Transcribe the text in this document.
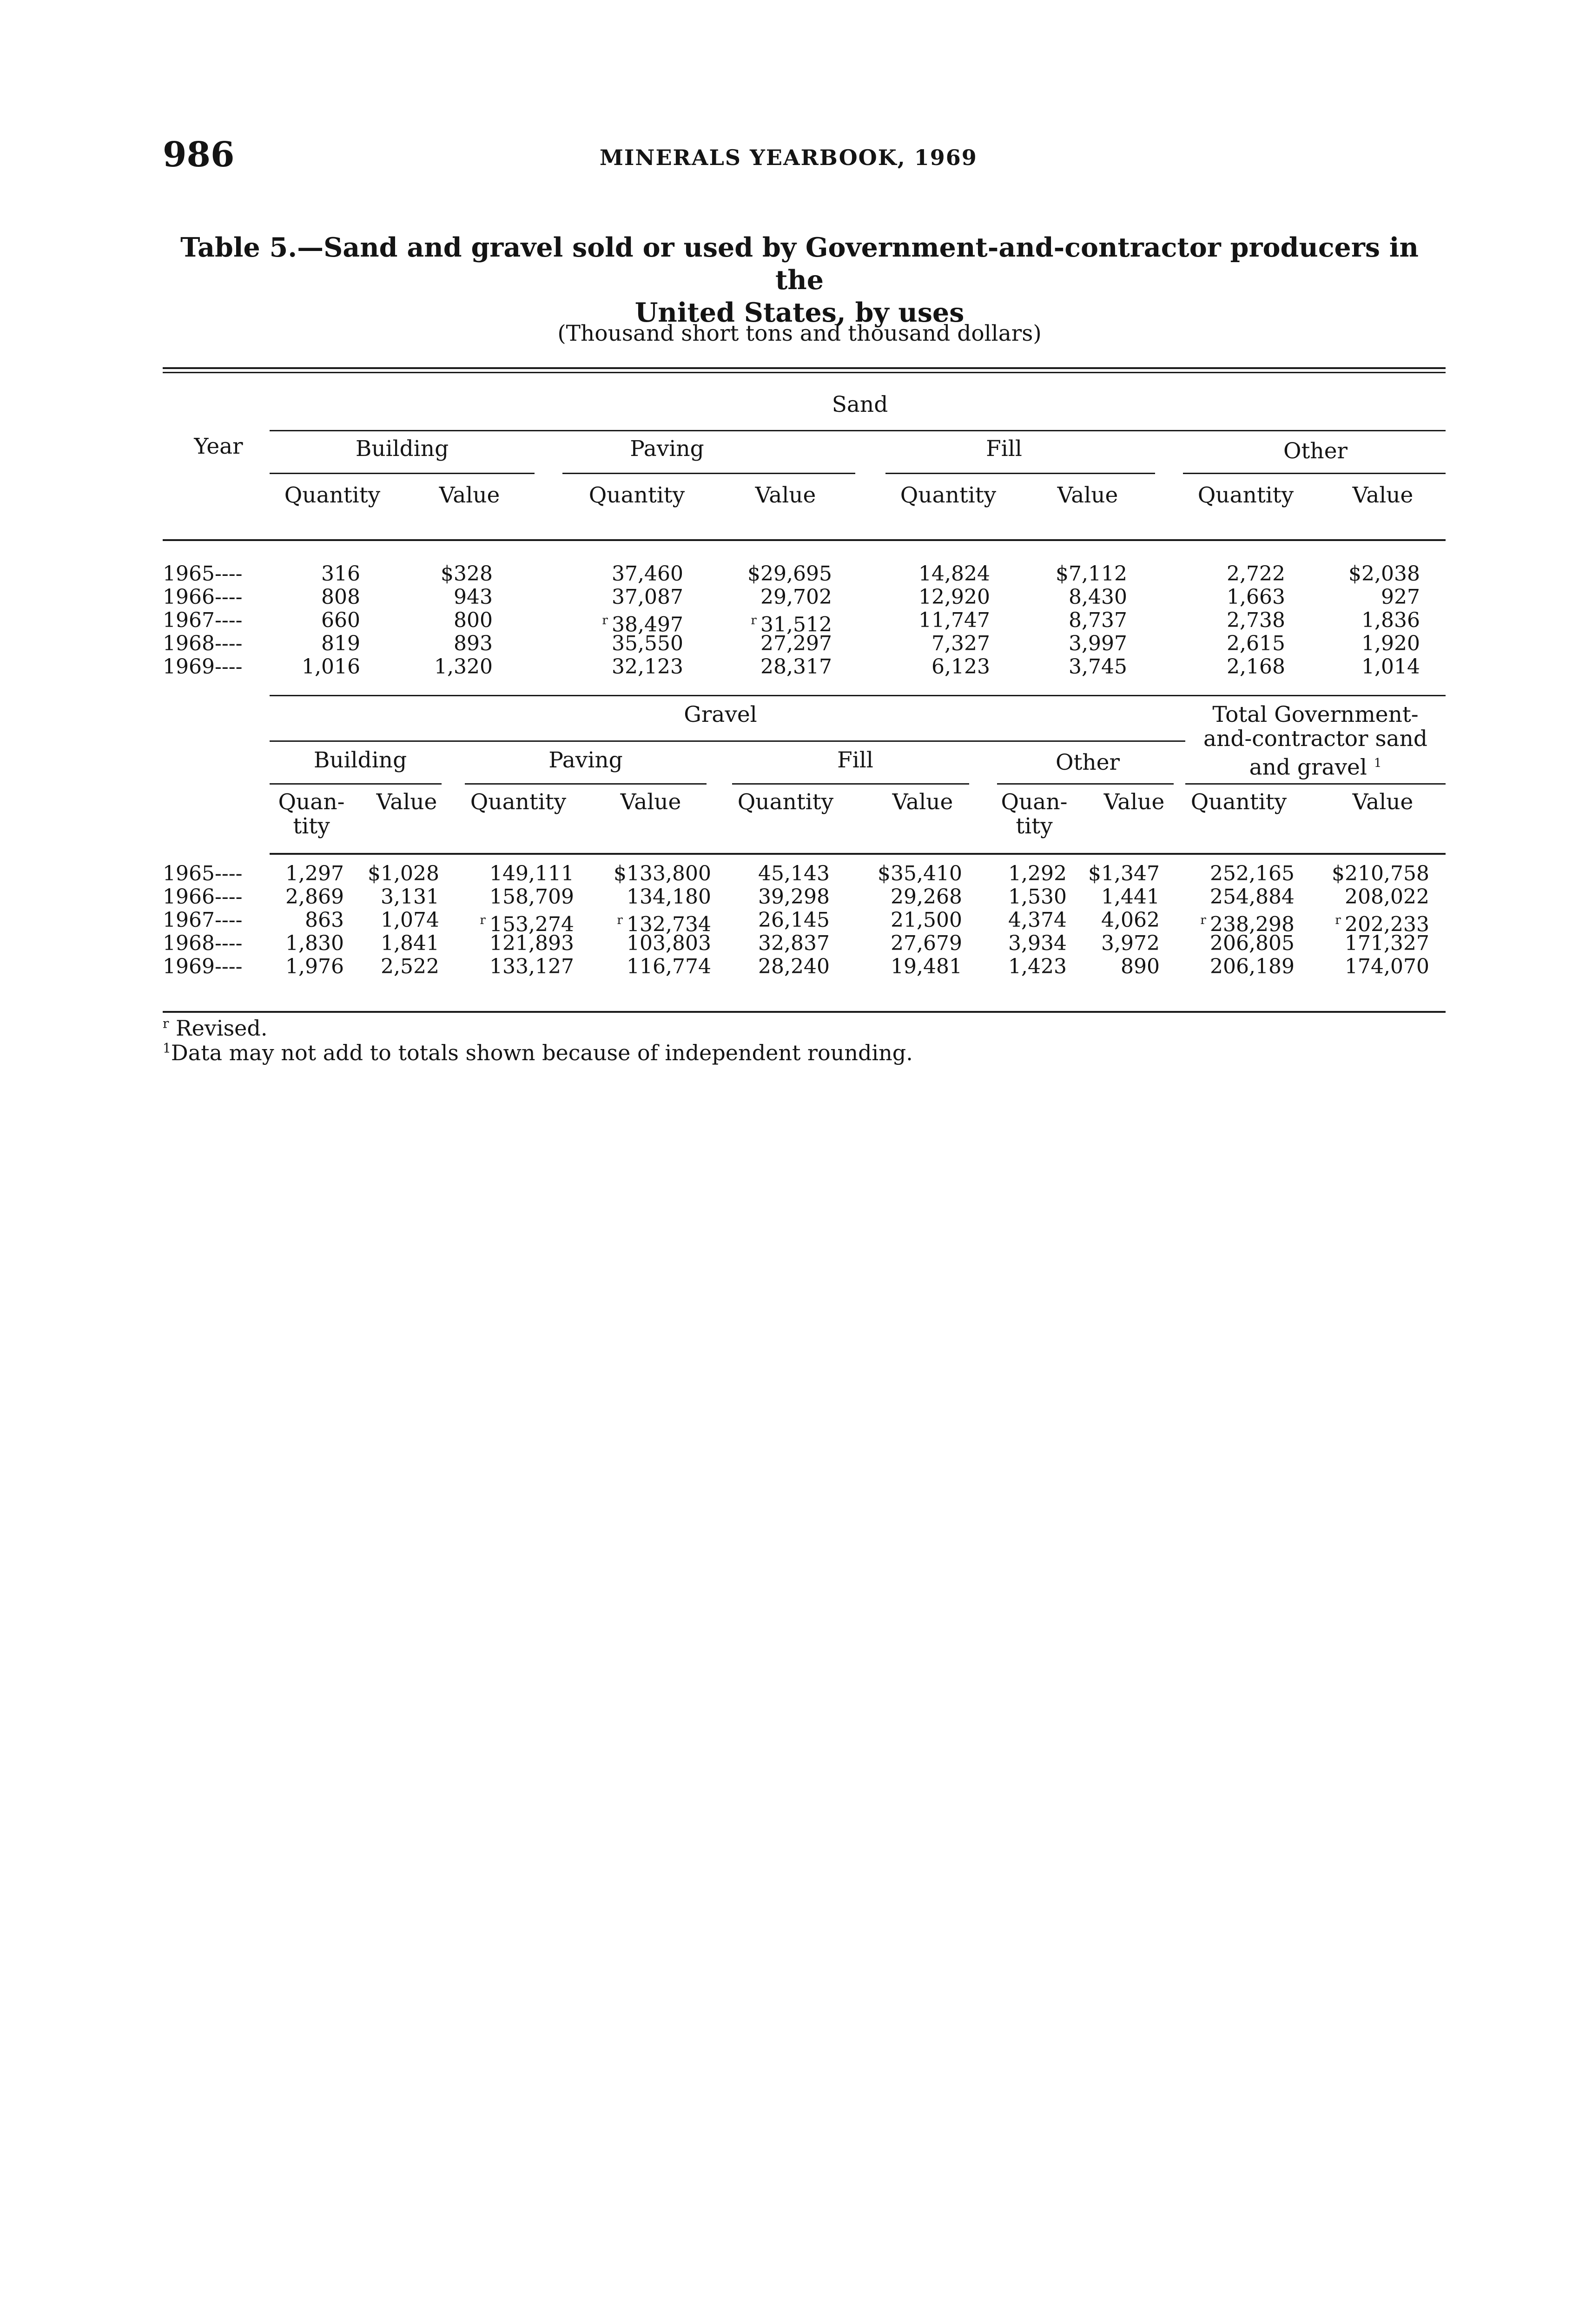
986	MINERALS YEARBOOK, 1969
Table 5.—Sand and gravel sold or used by Government-and-contractor producers in the
United States, by uses
(Thousand short tons and thousand dollars)
Year
Sand
Building	Paving	Fill	Other
Quantity	Value	Quantity	Value	Quantity	Value	Quantity	Value
1965----	316	$328	37,460	$29,695	14,824	$7,112	2,722	$2,038
1966----	808	943	37,087	29,702	12,920	8,430	1,663	927
1967----	660	800	$^r$ 38,497	$^r$ 31,512	11,747	8,737	2,738	1,836
1968----	819	893	35,550	27,297	7,327	3,997	2,615	1,920
1969----	1,016	1,320	32,123	28,317	6,123	3,745	2,168	1,014
Gravel	Total Government-
and-contractor sand
and gravel $^1$
Building	Paving	Fill	Other
Quan-
tity
Value	Quantity	Value	Quantity	Value	Quan-
tity
Value	Quantity	Value
1965---- 1,297 $1,028 149,111 $133,800 45,143 $35,410 1,292 $1,347 252,165 $210,758
1966---- 2,869 3,131 158,709	134,180 39,298	29,268 1,530 1,441 254,884 208,022
1967----	863 1,074	$^r$ 153,274	$^r$ 132,734 26,145	21,500 4,374 4,062	$^r$ 238,298	$^r$ 202,233
1968---- 1,830 1,841 121,893	103,803 32,837	27,679 3,934 3,972 206,805 171,327
1969---- 1,976 2,522 133,127	116,774 28,240	19,481 1,423	890 206,189 174,070
$^r$ Revised.
$^1$Data may not add to totals shown because of independent rounding.
